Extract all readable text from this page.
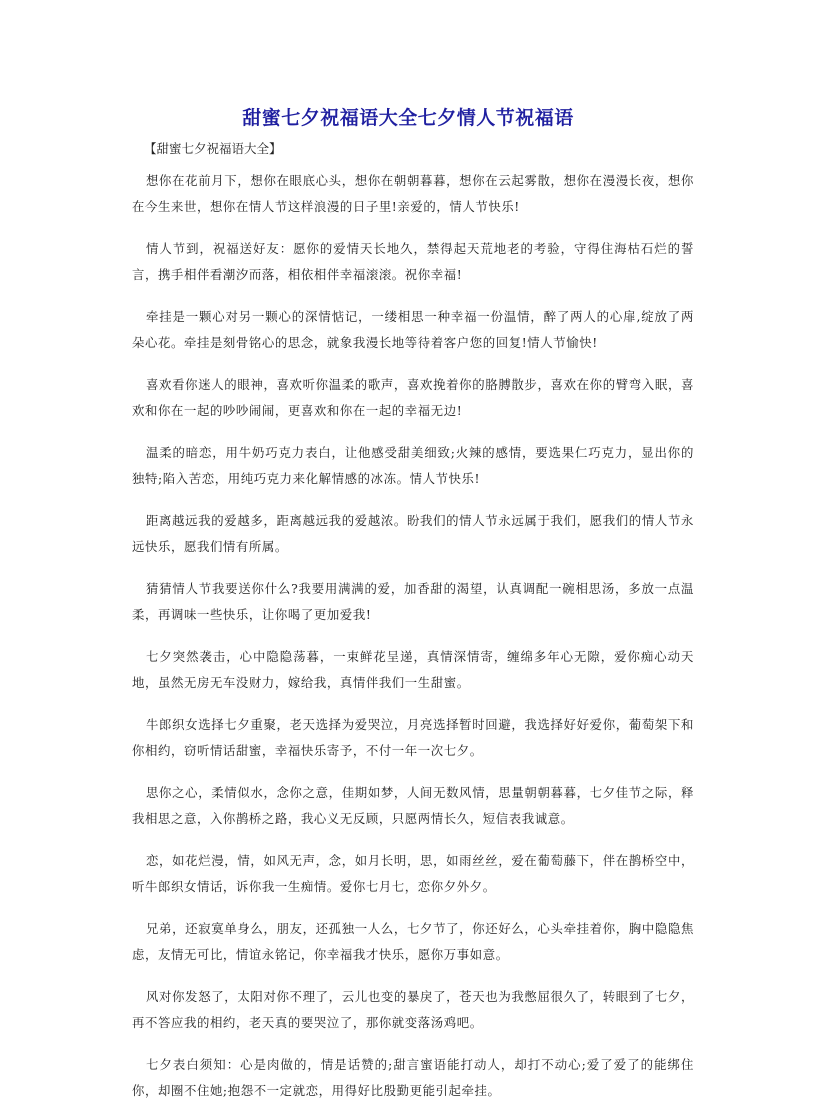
甜蜜七夕祝福语大全七夕情人节祝福语
【甜蜜七夕祝福语大全】

想你在花前月下，想你在眼底心头，想你在朝朝暮暮，想你在云起雾散，想你在漫漫长夜，想你在今生来世，想你在情人节这样浪漫的日子里!亲爱的，情人节快乐!

情人节到，祝福送好友：愿你的爱情天长地久，禁得起天荒地老的考验，守得住海枯石烂的誓言，携手相伴看潮汐而落，相依相伴幸福滚滚。祝你幸福!

牵挂是一颗心对另一颗心的深情惦记，一缕相思一种幸福一份温情，醉了两人的心扉,绽放了两朵心花。牵挂是刻骨铭心的思念，就象我漫长地等待着客户您的回复!情人节愉快!

喜欢看你迷人的眼神，喜欢听你温柔的歌声，喜欢挽着你的胳膊散步，喜欢在你的臂弯入眠，喜欢和你在一起的吵吵闹闹，更喜欢和你在一起的幸福无边!

温柔的暗恋，用牛奶巧克力表白，让他感受甜美细致;火辣的感情，要选果仁巧克力，显出你的独特;陷入苦恋，用纯巧克力来化解情感的冰冻。情人节快乐!

距离越远我的爱越多，距离越远我的爱越浓。盼我们的情人节永远属于我们，愿我们的情人节永远快乐，愿我们情有所属。

猜猜情人节我要送你什么?我要用满满的爱，加香甜的渴望，认真调配一碗相思汤，多放一点温柔，再调味一些快乐，让你喝了更加爱我!

七夕突然袭击，心中隐隐荡暮，一束鲜花呈递，真情深情寄，缠绵多年心无隙，爱你痴心动天地，虽然无房无车没财力，嫁给我，真情伴我们一生甜蜜。

牛郎织女选择七夕重聚，老天选择为爱哭泣，月亮选择暂时回避，我选择好好爱你，葡萄架下和你相约，窃听情话甜蜜，幸福快乐寄予，不付一年一次七夕。

思你之心，柔情似水，念你之意，佳期如梦，人间无数风情，思量朝朝暮暮，七夕佳节之际，释我相思之意，入你鹊桥之路，我心义无反顾，只愿两情长久，短信表我诚意。

恋，如花烂漫，情，如风无声，念，如月长明，思，如雨丝丝，爱在葡萄藤下，伴在鹊桥空中，听牛郎织女情话，诉你我一生痴情。爱你七月七，恋你夕外夕。

兄弟，还寂寞单身么，朋友，还孤独一人么，七夕节了，你还好么，心头牵挂着你，胸中隐隐焦虑，友情无可比，情谊永铭记，你幸福我才快乐，愿你万事如意。

风对你发怒了，太阳对你不理了，云儿也变的暴戾了，苍天也为我憋屈很久了，转眼到了七夕，再不答应我的相约，老天真的要哭泣了，那你就变落汤鸡吧。

七夕表白须知：心是肉做的，情是话赞的;甜言蜜语能打动人，却打不动心;爱了爱了的能绑住你，却圈不住她;抱怨不一定就恋，用得好比殷勤更能引起牵挂。
